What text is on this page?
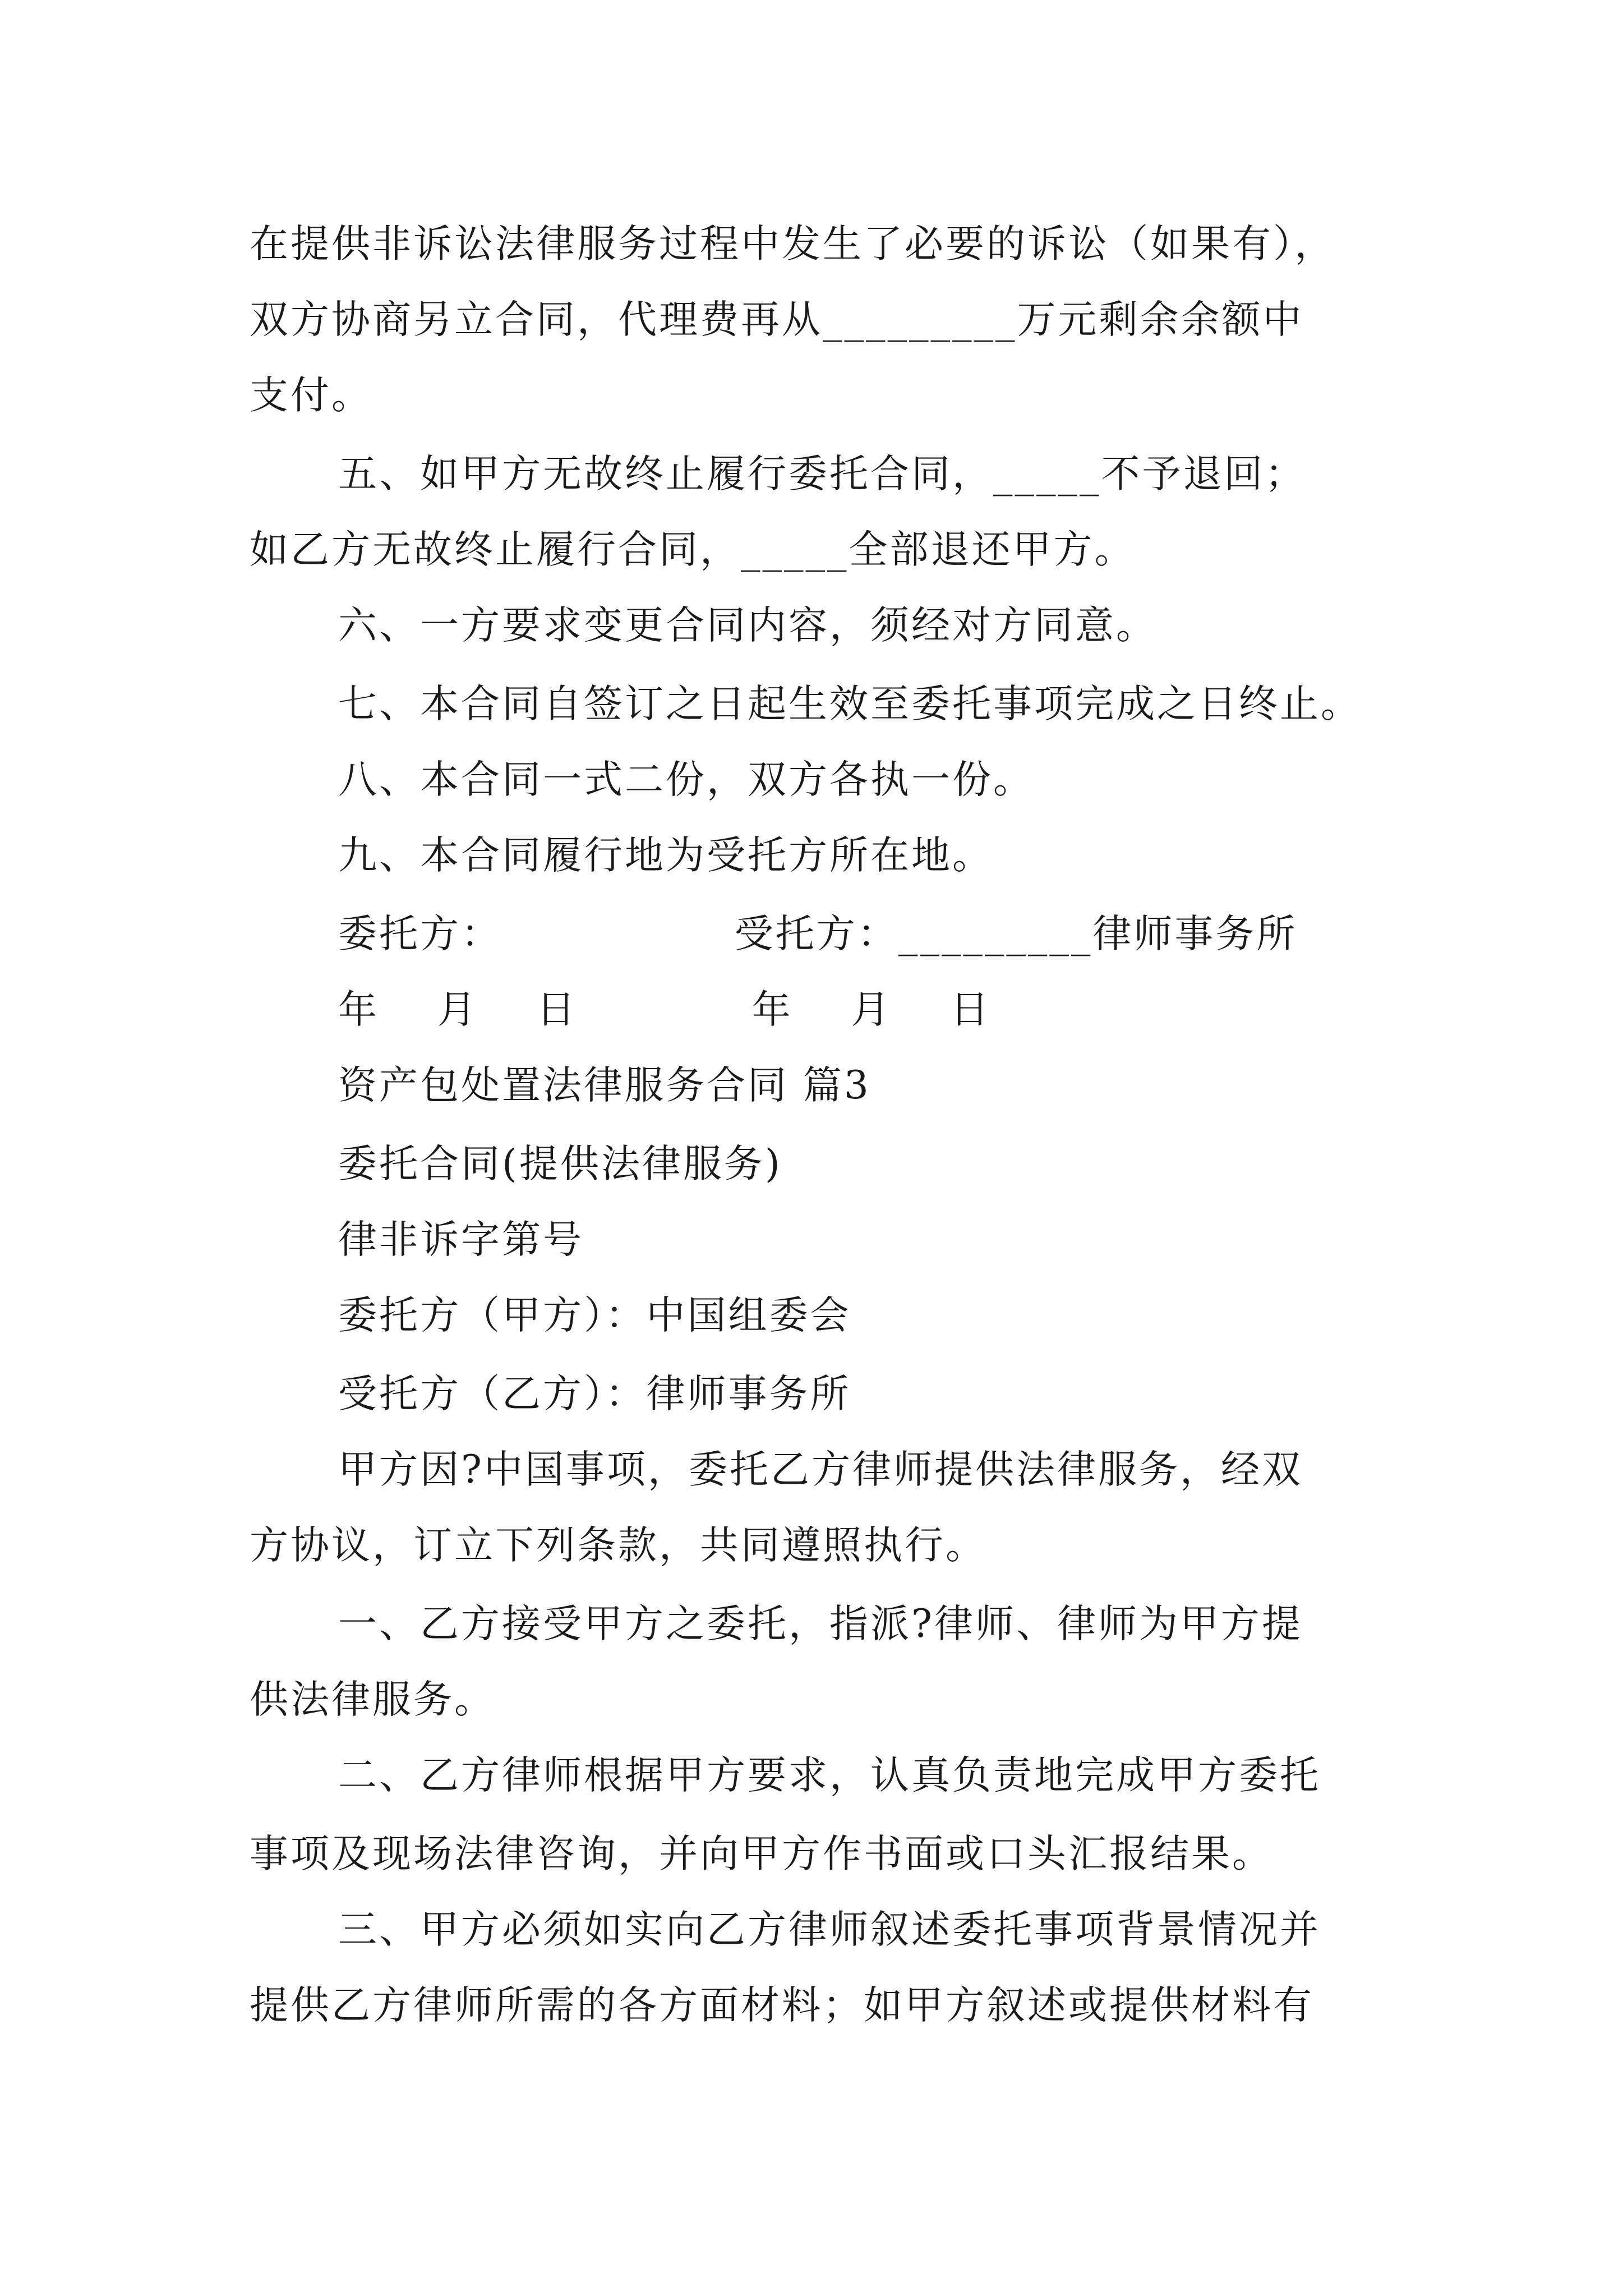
在提供非诉讼法律服务过程中发生了必要的诉讼（如果有），
双方协商另立合同，代理费再从_________万元剩余余额中
支付。
五、如甲方无故终止履行委托合同，_____不予退回；
如乙方无故终止履行合同，_____全部退还甲方。
六、一方要求变更合同内容，须经对方同意。
七、本合同自签订之日起生效至委托事项完成之日终止。
八、本合同一式二份，双方各执一份。
九、本合同履行地为受托方所在地。
委托方：                受托方：_________律师事务所
年    月    日            年    月    日
资产包处置法律服务合同 篇3
委托合同(提供法律服务)
律非诉字第号
委托方（甲方）：中国组委会
受托方（乙方）：律师事务所
甲方因?中国事项，委托乙方律师提供法律服务，经双
方协议，订立下列条款，共同遵照执行。
一、乙方接受甲方之委托，指派?律师、律师为甲方提
供法律服务。
二、乙方律师根据甲方要求，认真负责地完成甲方委托
事项及现场法律咨询，并向甲方作书面或口头汇报结果。
三、甲方必须如实向乙方律师叙述委托事项背景情况并
提供乙方律师所需的各方面材料；如甲方叙述或提供材料有
